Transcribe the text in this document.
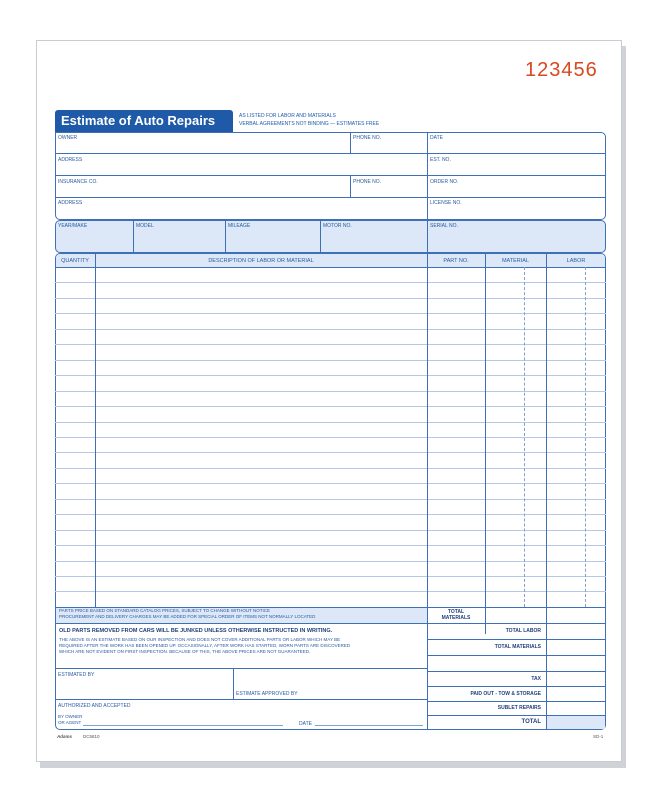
123456
Estimate of Auto Repairs	AS LISTED FOR LABOR AND MATERIALS
VERBAL AGREEMENTS NOT BINDING — ESTIMATES FREE
OWNER	PHONE NO.	DATE
ADDRESS	EST. NO.
INSURANCE CO.	PHONE NO.	ORDER NO.
ADDRESS	LICENSE NO.
YEAR/MAKE	MODEL	MILEAGE	MOTOR NO.	SERIAL NO.
QUANTITY	DESCRIPTION OF LABOR OR MATERIAL	PART NO.	MATERIAL	LABOR
PARTS PRICE BASED ON STANDARD CATALOG PRICES, SUBJECT TO CHANGE WITHOUT NOTICE
PROCUREMENT AND DELIVERY CHARGES MAY BE ADDED FOR SPECIAL ORDER OF ITEMS NOT NORMALLY LOCATED
TOTAL
MATERIALS
OLD PARTS REMOVED FROM CARS WILL BE JUNKED UNLESS OTHERWISE INSTRUCTED IN WRITING.
THE ABOVE IS AN ESTIMATE BASED ON OUR INSPECTION AND DOES NOT COVER ADDITIONAL PARTS OR LABOR WHICH MAY BE
REQUIRED AFTER THE WORK HAS BEEN OPENED UP. OCCASIONALLY, AFTER WORK HAS STARTED, WORN PARTS ARE DISCOVERED
WHICH ARE NOT EVIDENT ON FIRST INSPECTION. BECAUSE OF THIS, THE ABOVE PRICES ARE NOT GUARANTEED.
ESTIMATED BY
ESTIMATE APPROVED BY
AUTHORIZED AND ACCEPTED
BY OWNER
OR AGENT	DATE
TOTAL LABOR
TOTAL MATERIALS
TAX
PAID OUT - TOW & STORAGE
SUBLET REPAIRS
TOTAL
Adams DC5810	SD-1
